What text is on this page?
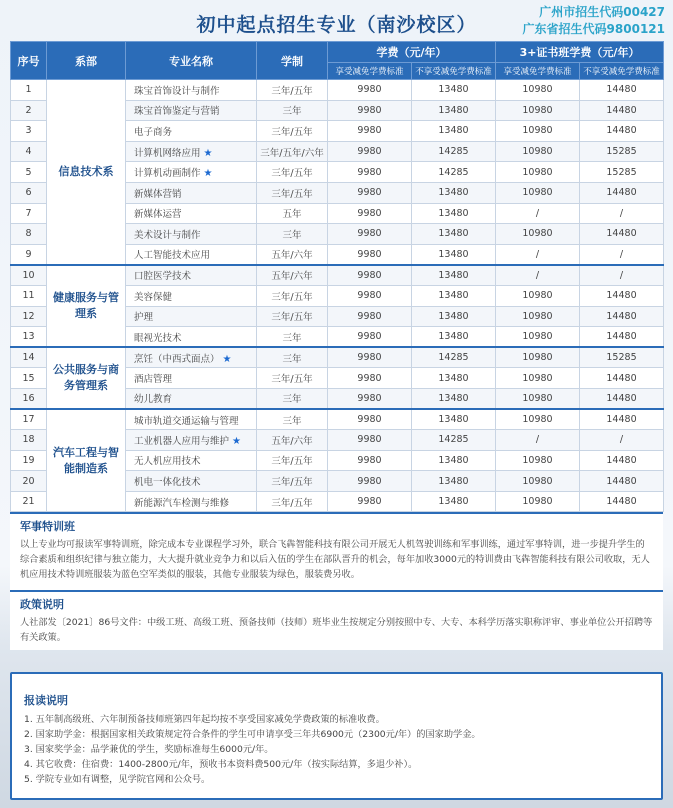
初中起点招生专业（南沙校区）
广州市招生代码00427
广东省招生代码9800121
序号	系部	专业名称	学制	学费（元/年）		3+证书班学费（元/年）	
				享受减免学费标准	不享受减免学费标准	享受减免学费标准	不享受减免学费标准
1	信息技术系	珠宝首饰设计与制作	三年/五年	9980	13480	10980	14480
2		珠宝首饰鉴定与营销	三年	9980	13480	10980	14480
3		电子商务	三年/五年	9980	13480	10980	14480
4		计算机网络应用 ★	三年/五年/六年	9980	14285	10980	15285
5		计算机动画制作 ★	三年/五年	9980	14285	10980	15285
6		新媒体营销	三年/五年	9980	13480	10980	14480
7		新媒体运营	五年	9980	13480	/	/
8		美术设计与制作	三年	9980	13480	10980	14480
9		人工智能技术应用	五年/六年	9980	13480	/	/
10	健康服务与管理系	口腔医学技术	五年/六年	9980	13480	/	/
11		美容保健	三年/五年	9980	13480	10980	14480
12		护理	三年/五年	9980	13480	10980	14480
13		眼视光技术	三年	9980	13480	10980	14480
14	公共服务与商务管理系	烹饪（中西式面点） ★	三年	9980	14285	10980	15285
15		酒店管理	三年/五年	9980	13480	10980	14480
16		幼儿教育	三年	9980	13480	10980	14480
17	汽车工程与智能制造系	城市轨道交通运输与管理	三年	9980	13480	10980	14480
18		工业机器人应用与维护 ★	五年/六年	9980	14285	/	/
19		无人机应用技术	三年/五年	9980	13480	10980	14480
20		机电一体化技术	三年/五年	9980	13480	10980	14480
21		新能源汽车检测与维修	三年/五年	9980	13480	10980	14480
军事特训班

以上专业均可报读军事特训班，除完成本专业课程学习外，联合飞犇智能科技有限公司开展无人机驾驶训练和军事训练，通过军事特训，进一步提升学生的综合素质和组织纪律与独立能力，大大提升就业竞争力和以后入伍的学生在部队晋升的机会，每年加收3000元的特训费由飞犇智能科技有限公司收取，无人机应用技术特训班服装为蓝色空军类似的服装，其他专业服装为绿色，服装费另收。

政策说明

人社部发〔2021〕86号文件：中级工班、高级工班、预备技师（技师）班毕业生按规定分别按照中专、大专、本科学历落实职称评审、事业单位公开招聘等有关政策。

报读说明
1. 五年制高级班、六年制预备技师班第四年起均按不享受国家减免学费政策的标准收费。
2. 国家助学金：根据国家相关政策规定符合条件的学生可申请享受三年共6900元（2300元/年）的国家助学金。
3. 国家奖学金：品学兼优的学生，奖励标准每生6000元/年。
4. 其它收费：住宿费：1400-2800元/年，预收书本资料费500元/年（按实际结算，多退少补）。
5. 学院专业如有调整，见学院官网和公众号。
